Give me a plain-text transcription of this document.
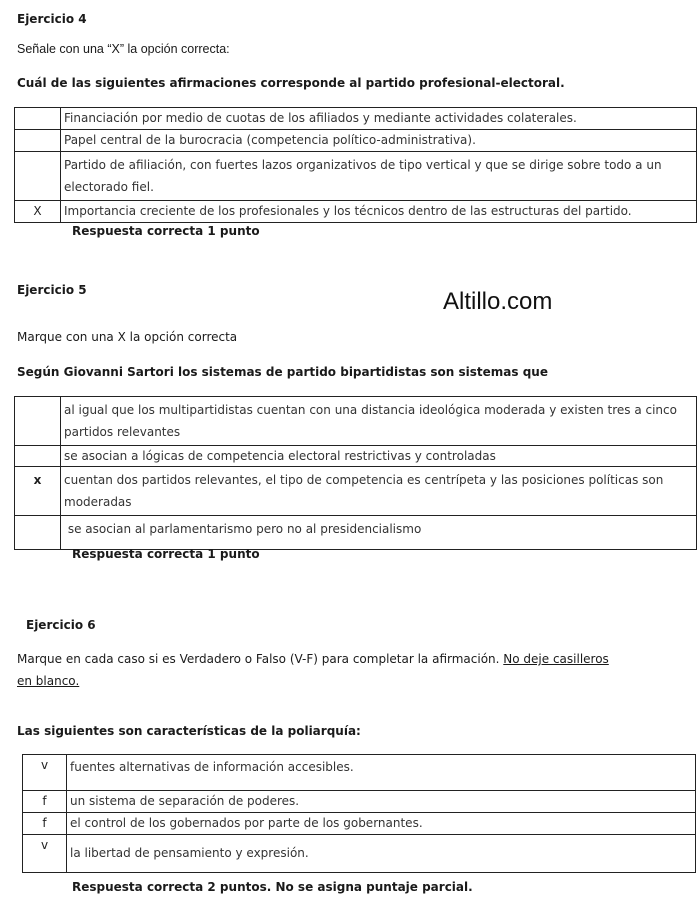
Ejercicio 4
Señale con una “X” la opción correcta:
Cuál de las siguientes afirmaciones corresponde al partido profesional-electoral.
	Financiación por medio de cuotas de los afiliados y mediante actividades colaterales.
	Papel central de la burocracia (competencia político-administrativa).
	Partido de afiliación, con fuertes lazos organizativos de tipo vertical y que se dirige sobre todo a un electorado fiel.
X	Importancia creciente de los profesionales y los técnicos dentro de las estructuras del partido.
Respuesta correcta 1 punto
Ejercicio 5	Altillo.com
Marque con una X la opción correcta
Según Giovanni Sartori los sistemas de partido bipartidistas son sistemas que
	al igual que los multipartidistas cuentan con una distancia ideológica moderada y existen tres a cinco partidos relevantes
	se asocian a lógicas de competencia electoral restrictivas y controladas
x	cuentan dos partidos relevantes, el tipo de competencia es centrípeta y las posiciones políticas son moderadas
	se asocian al parlamentarismo pero no al presidencialismo
Respuesta correcta 1 punto
Ejercicio 6
Marque en cada caso si es Verdadero o Falso (V-F) para completar la afirmación. No deje casilleros
en blanco.
Las siguientes son características de la poliarquía:
v	fuentes alternativas de información accesibles.
f	un sistema de separación de poderes.
f	el control de los gobernados por parte de los gobernantes.
v	la libertad de pensamiento y expresión.
Respuesta correcta 2 puntos. No se asigna puntaje parcial.
